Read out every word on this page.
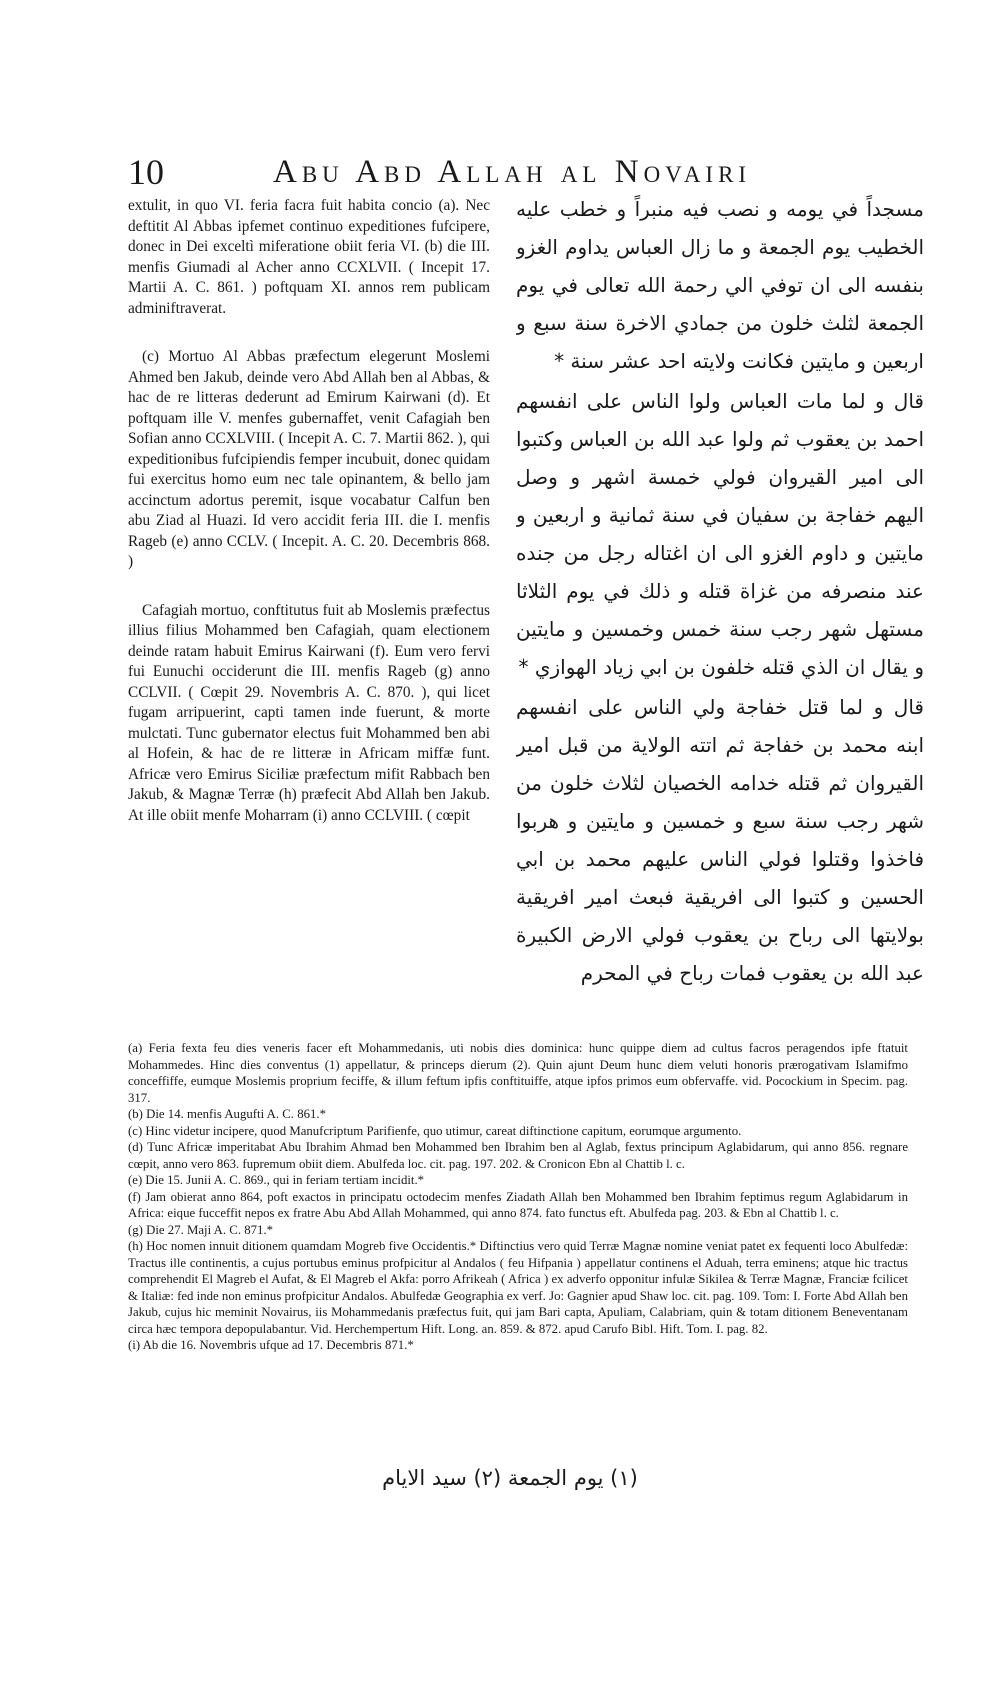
10	Abu Abd Allah al Novairi

extulit, in quo VI. feria facra fuit habita concio (a). Nec deftitit Al Abbas ipfemet continuo expeditiones fufcipere, donec in Dei exceltì miferatione obiit feria VI. (b) die III. menfis Giumadi al Acher anno CCXLVII. ( Incepit 17. Martii A. C. 861. ) poftquam XI. annos rem publicam adminiftraverat.

(c) Mortuo Al Abbas præfectum elegerunt Moslemi Ahmed ben Jakub, deinde vero Abd Allah ben al Abbas, & hac de re litteras dederunt ad Emirum Kairwani (d). Et poftquam ille V. menfes gubernaffet, venit Cafagiah ben Sofian anno CCXLVIII. ( Incepit A. C. 7. Martii 862. ), qui expeditionibus fufcipiendis femper incubuit, donec quidam fui exercitus homo eum nec tale opinantem, & bello jam accinctum adortus peremit, isque vocabatur Calfun ben abu Ziad al Huazi. Id vero accidit feria III. die I. menfis Rageb (e) anno CCLV. ( Incepit. A. C. 20. Decembris 868. )

Cafagiah mortuo, conftitutus fuit ab Moslemis præfectus illius filius Mohammed ben Cafagiah, quam electionem deinde ratam habuit Emirus Kairwani (f). Eum vero fervi fui Eunuchi occiderunt die III. menfis Rageb (g) anno CCLVII. ( Cœpit 29. Novembris A. C. 870. ), qui licet fugam arripuerint, capti tamen inde fuerunt, & morte mulctati. Tunc gubernator electus fuit Mohammed ben abi al Hofein, & hac de re litteræ in Africam miffæ funt. Africæ vero Emirus Siciliæ præfectum mifit Rabbach ben Jakub, & Magnæ Terræ (h) præfecit Abd Allah ben Jakub. At ille obiit menfe Moharram (i) anno CCLVIII. ( cœpit

مسجداً في يومه و نصب فيه منبراً و خطب عليه الخطيب يوم الجمعة و ما زال العباس يداوم الغزو بنفسه الى ان توفي الي رحمة الله تعالى في يوم الجمعة لثلث خلون من جمادي الاخرة سنة سبع و اربعين و مايتين فكانت ولايته احد عشر سنة *

قال و لما مات العباس ولوا الناس على انفسهم احمد بن يعقوب ثم ولوا عبد الله بن العباس وكتبوا الى امير القيروان فولي خمسة اشهر و وصل اليهم خفاجة بن سفيان في سنة ثمانية و اربعين و مايتين و داوم الغزو الى ان اغتاله رجل من جنده عند منصرفه من غزاة قتله و ذلك في يوم الثلاثا مستهل شهر رجب سنة خمس وخمسين و مايتين و يقال ان الذي قتله خلفون بن ابي زياد الهوازي *

قال و لما قتل خفاجة ولي الناس على انفسهم ابنه محمد بن خفاجة ثم اتته الولاية من قبل امير القيروان ثم قتله خدامه الخصيان لثلاث خلون من شهر رجب سنة سبع و خمسين و مايتين و هربوا فاخذوا وقتلوا فولي الناس عليهم محمد بن ابي الحسين و كتبوا الى افريقية فبعث امير افريقية بولايتها الى رباح بن يعقوب فولي الارض الكبيرة عبد الله بن يعقوب فمات رباح في المحرم

(a) Feria fexta feu dies veneris facer eft Mohammedanis, uti nobis dies dominica: hunc quippe diem ad cultus facros peragendos ipfe ftatuit Mohammedes. Hinc dies conventus (1) appellatur, & princeps dierum (2). Quin ajunt Deum hunc diem veluti honoris prærogativam Islamifmo conceffiffe, eumque Moslemis proprium feciffe, & illum feftum ipfis conftituiffe, atque ipfos primos eum obfervaffe. vid. Pocockium in Specim. pag. 317.

(b) Die 14. menfis Augufti A. C. 861.*

(c) Hinc videtur incipere, quod Manufcriptum Parifienfe, quo utimur, careat diftinctione capitum, eorumque argumento.

(d) Tunc Africæ imperitabat Abu Ibrahim Ahmad ben Mohammed ben Ibrahim ben al Aglab, fextus principum Aglabidarum, qui anno 856. regnare cœpit, anno vero 863. fupremum obiit diem. Abulfeda loc. cit. pag. 197. 202. & Cronicon Ebn al Chattib l. c.

(e) Die 15. Junii A. C. 869., qui in feriam tertiam incidit.*

(f) Jam obierat anno 864, poft exactos in principatu octodecim menfes Ziadath Allah ben Mohammed ben Ibrahim feptimus regum Aglabidarum in Africa: eique fucceffit nepos ex fratre Abu Abd Allah Mohammed, qui anno 874. fato functus eft. Abulfeda pag. 203. & Ebn al Chattib l. c.

(g) Die 27. Maji A. C. 871.*

(h) Hoc nomen innuit ditionem quamdam Mogreb five Occidentis.* Diftinctius vero quid Terræ Magnæ nomine veniat patet ex fequenti loco Abulfedæ: Tractus ille continentis, a cujus portubus eminus profpicitur al Andalos ( feu Hifpania ) appellatur continens el Aduah, terra eminens; atque hic tractus comprehendit El Magreb el Aufat, & El Magreb el Akfa: porro Afrikeah ( Africa ) ex adverfo opponitur infulæ Sikilea & Terræ Magnæ, Franciæ fcilicet & Italiæ: fed inde non eminus profpicitur Andalos. Abulfedæ Geographia ex verf. Jo: Gagnier apud Shaw loc. cit. pag. 109. Tom: I. Forte Abd Allah ben Jakub, cujus hic meminit Novairus, iis Mohammedanis præfectus fuit, qui jam Bari capta, Apuliam, Calabriam, quin & totam ditionem Beneventanam circa hæc tempora depopulabantur. Vid. Herchempertum Hift. Long. an. 859. & 872. apud Carufo Bibl. Hift. Tom. I. pag. 82.

(i) Ab die 16. Novembris ufque ad 17. Decembris 871.*

(١) يوم الجمعة (٢) سيد الايام
